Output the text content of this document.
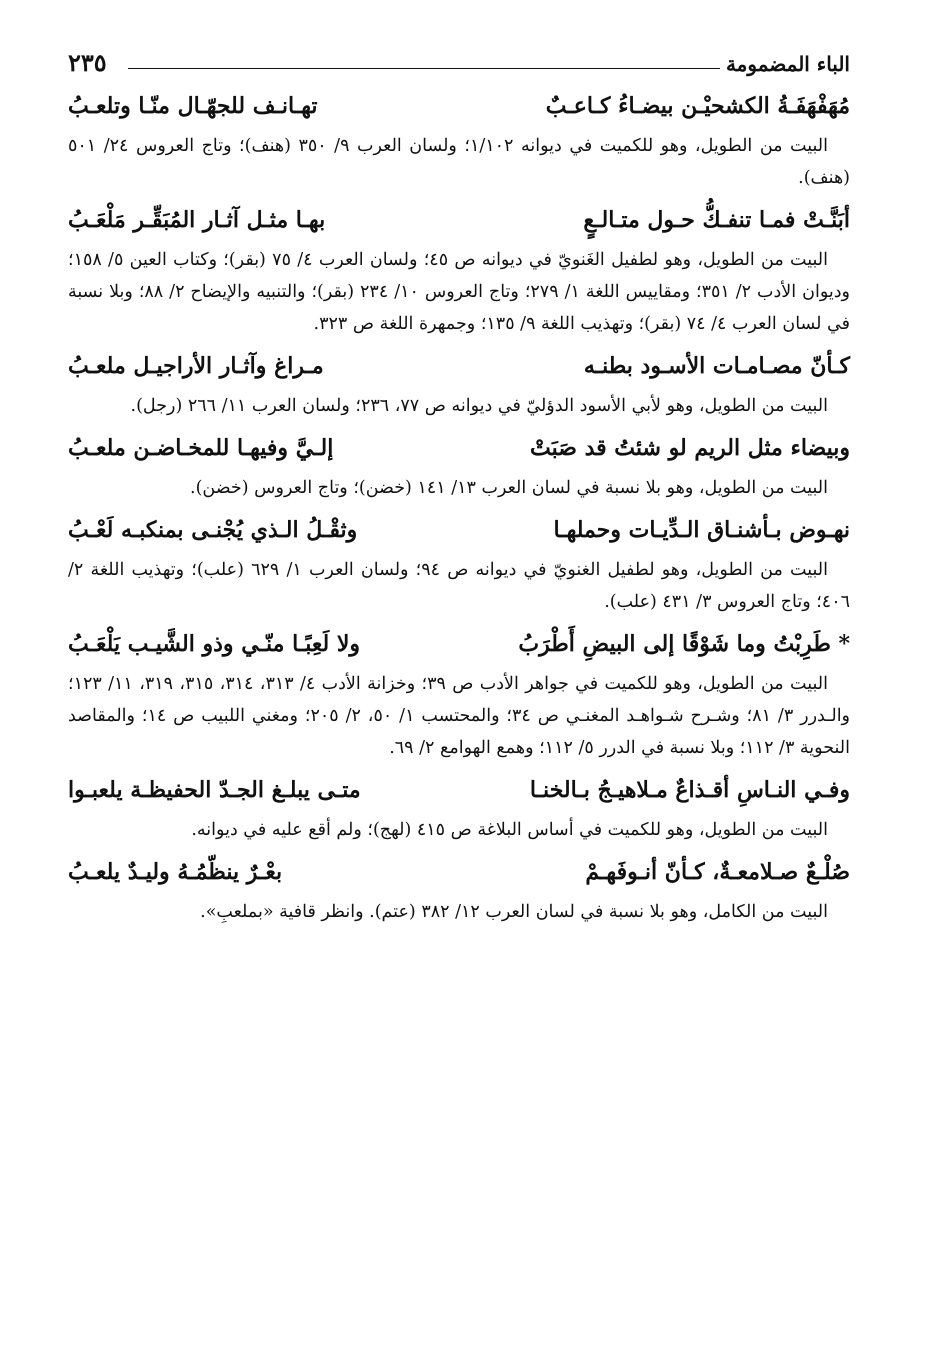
الباء المضمومة
٢٣٥
مُهَفْهَفَـةُ الكشحيْـن بيضـاءُ كـاعـبٌ
تهـانـف للجهّـال منّـا وتلعـبُ

البيت من الطويل، وهو للكميت في ديوانه ١/١٠٢؛ ولسان العرب ٩/ ٣٥٠ (هنف)؛ وتاج العروس ٢٤/ ٥٠١ (هنف).

أبَنَّـتْ فمـا تنفـكُّ حـول متـالـعٍ
بهـا مثـل آثـار المُبَقِّـر مَلْعَـبُ

البيت من الطويل، وهو لطفيل الغَنويّ في ديوانه ص ٤٥؛ ولسان العرب ٤/ ٧٥ (بقر)؛ وكتاب العين ٥/ ١٥٨؛ وديوان الأدب ٢/ ٣٥١؛ ومقاييس اللغة ١/ ٢٧٩؛ وتاج العروس ١٠/ ٢٣٤ (بقر)؛ والتنبيه والإيضاح ٢/ ٨٨؛ وبلا نسبة في لسان العرب ٤/ ٧٤ (بقر)؛ وتهذيب اللغة ٩/ ١٣٥؛ وجمهرة اللغة ص ٣٢٣.

كـأنّ مصـامـات الأسـود بطنـه
مـراغ وآثـار الأراجيـل ملعـبُ

البيت من الطويل، وهو لأبي الأسود الدؤليّ في ديوانه ص ٧٧، ٢٣٦؛ ولسان العرب ١١/ ٢٦٦ (رجل).

وبيضاء مثل الريم لو شئتُ قد صَبَتْ
إلـيَّ وفيهـا للمخـاضـن ملعـبُ

البيت من الطويل، وهو بلا نسبة في لسان العرب ١٣/ ١٤١ (خضن)؛ وتاج العروس (خضن).

نهـوض بـأشنـاق الـدِّيـات وحملهـا
وثقْـلُ الـذي يُجْنـى بمنكبـه لَعْـبُ

البيت من الطويل، وهو لطفيل الغنويّ في ديوانه ص ٩٤؛ ولسان العرب ١/ ٦٢٩ (علب)؛ وتهذيب اللغة ٢/ ٤٠٦؛ وتاج العروس ٣/ ٤٣١ (علب).

* طَرِبْتُ وما شَوْقًا إلى البيضِ أَطْرَبُ
ولا لَعِبًـا منّـي وذو الشَّيـب يَلْعَـبُ

البيت من الطويل، وهو للكميت في جواهر الأدب ص ٣٩؛ وخزانة الأدب ٤/ ٣١٣، ٣١٤، ٣١٥، ٣١٩، ١١/ ١٢٣؛ والـدرر ٣/ ٨١؛ وشـرح شـواهـد المغنـي ص ٣٤؛ والمحتسب ١/ ٥٠، ٢/ ٢٠٥؛ ومغني اللبيب ص ١٤؛ والمقاصد النحوية ٣/ ١١٢؛ وبلا نسبة في الدرر ٥/ ١١٢؛ وهمع الهوامع ٢/ ٦٩.

وفـي النـاسِ أقـذاعٌ مـلاهيـجُ بـالخنـا
متـى يبلـغ الجـدّ الحفيظـة يلعبـوا

البيت من الطويل، وهو للكميت في أساس البلاغة ص ٤١٥ (لهج)؛ ولم أقع عليه في ديوانه.

صُلْـعٌ صـلامعـةٌ، كـأنّ أنـوفَهـمْ
بعْـرٌ ينظّمُـهُ وليـدٌ يلعـبُ

البيت من الكامل، وهو بلا نسبة في لسان العرب ١٢/ ٣٨٢ (عتم). وانظر قافية «بملعبِ».
